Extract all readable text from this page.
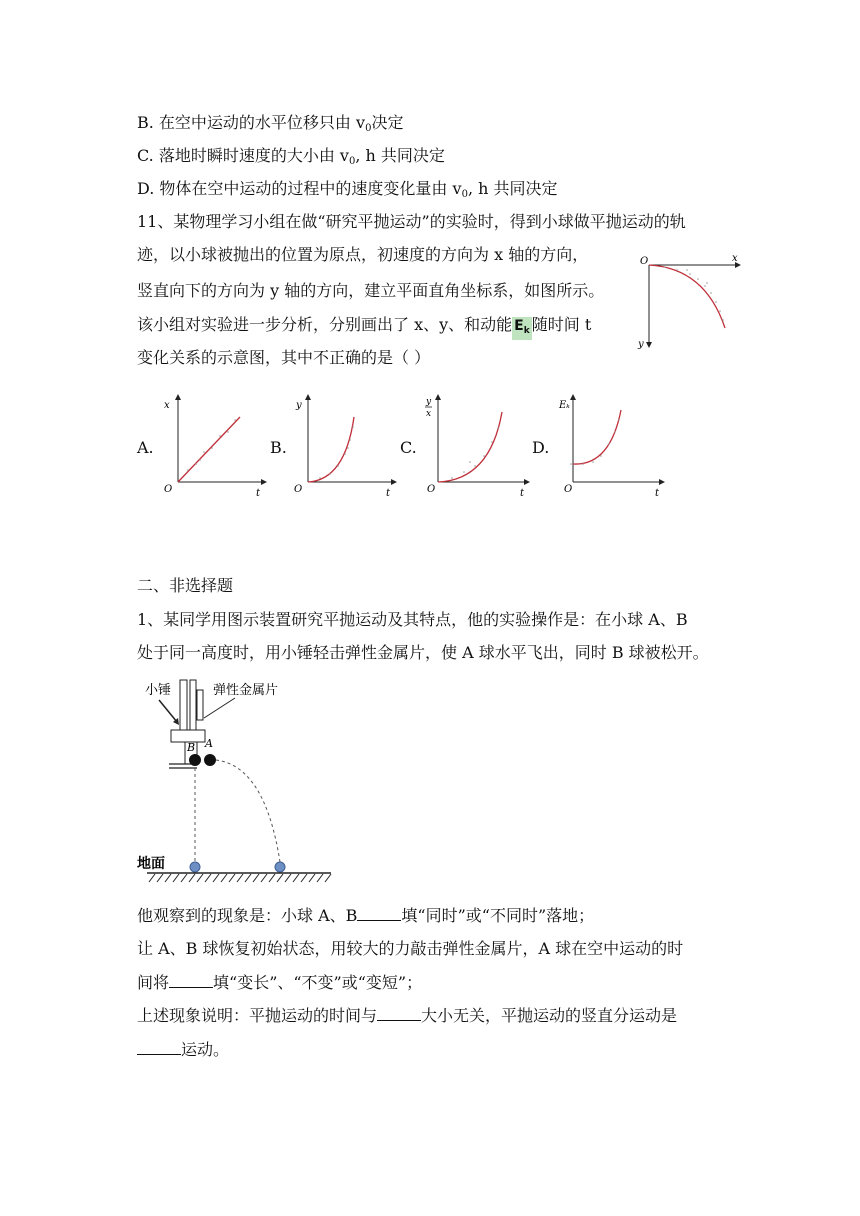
B. 在空中运动的水平位移只由 $v_0$决定
C. 落地时瞬时速度的大小由 $v_0$, h 共同决定
D. 物体在空中运动的过程中的速度变化量由 $v_0$, h 共同决定
11、某物理学习小组在做“研究平抛运动”的实验时，得到小球做平抛运动的轨
迹，以小球被抛出的位置为原点，初速度的方向为 x 轴的方向，
竖直向下的方向为 y 轴的方向，建立平面直角坐标系，如图所示。
该小组对实验进一步分析，分别画出了 x、y、和动能 $E_k$ 随时间 t
变化关系的示意图，其中不正确的是（ ）
O	x
y
A.
x
O	t
B.
y
O	t
C.
y
x
O	t
D.
Eₖ
O	t
二、非选择题
1、某同学用图示装置研究平抛运动及其特点，他的实验操作是：在小球 A、B
处于同一高度时，用小锤轻击弹性金属片，使 A 球水平飞出，同时 B 球被松开。
小锤	弹性金属片
B A
地面
他观察到的现象是：小球 A、B	填“同时”或“不同时”落地；
让 A、B 球恢复初始状态，用较大的力敲击弹性金属片，A 球在空中运动的时
间将	填“变长”、“不变”或“变短”；
上述现象说明：平抛运动的时间与	大小无关，平抛运动的竖直分运动是
运动。
